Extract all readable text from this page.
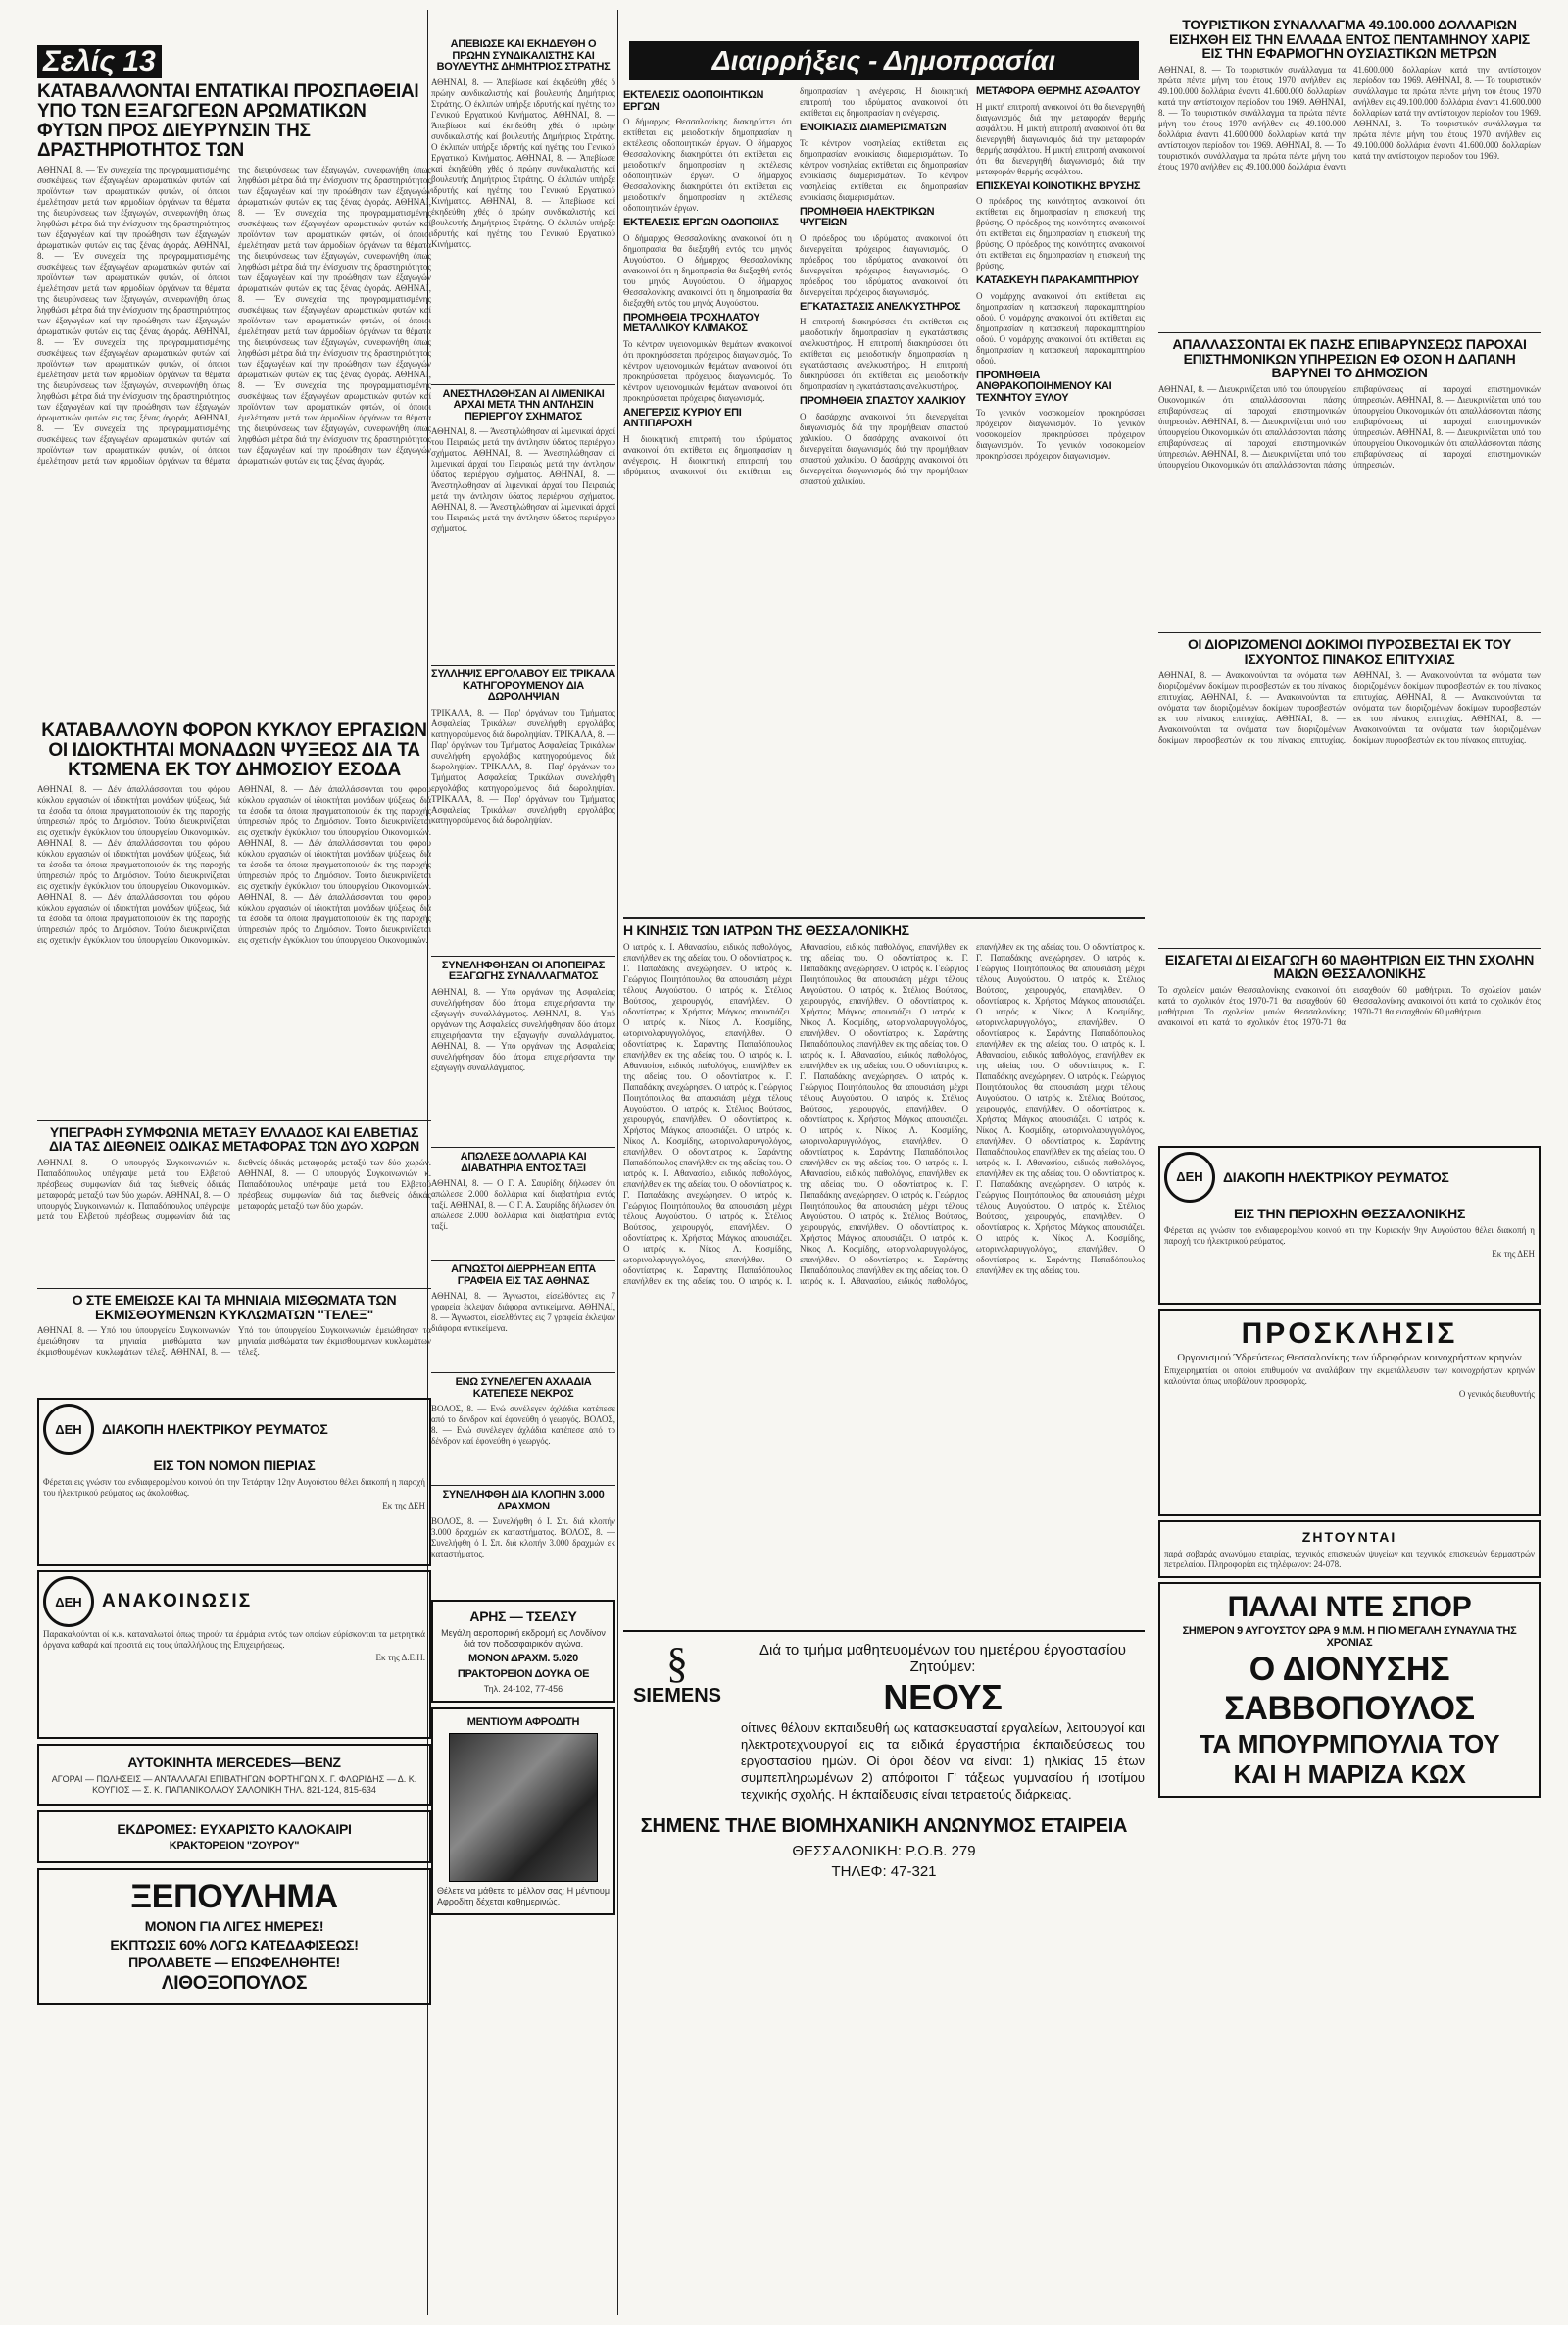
Σελίς 13
ΚΑΤΑΒΑΛΛΟΝΤΑΙ ΕΝΤΑΤΙΚΑΙ ΠΡΟΣΠΑΘΕΙΑΙ ΥΠΟ ΤΩΝ ΕΞΑΓΩΓΕΩΝ ΑΡΩΜΑΤΙΚΩΝ ΦΥΤΩΝ ΠΡΟΣ ΔΙΕΥΡΥΝΣΙΝ ΤΗΣ ΔΡΑΣΤΗΡΙΟΤΗΤΟΣ ΤΩΝ
ΑΘΗΝΑΙ, 8. — Έν συνεχεία της προγραμματισμένης συσκέψεως των έξαγωγέων αρωματικών φυτών καί προϊόντων των αρωματικών φυτών, οί όποιοι έμελέτησαν μετά των άρμοδίων όργάνων τα θέματα της διευρύνσεως των έξαγωγών, συνεφωνήθη όπως ληφθώσι μέτρα διά την ένίσχυσιν της δραστηριότητος των έξαγωγέων καί την προώθησιν των έξαγωγών άρωματικών φυτών εις τας ξένας άγοράς. ΑΘΗΝΑΙ, 8. — Έν συνεχεία της προγραμματισμένης συσκέψεως των έξαγωγέων αρωματικών φυτών καί προϊόντων των αρωματικών φυτών, οί όποιοι έμελέτησαν μετά των άρμοδίων όργάνων τα θέματα της διευρύνσεως των έξαγωγών, συνεφωνήθη όπως ληφθώσι μέτρα διά την ένίσχυσιν της δραστηριότητος των έξαγωγέων καί την προώθησιν των έξαγωγών άρωματικών φυτών εις τας ξένας άγοράς. ΑΘΗΝΑΙ, 8. — Έν συνεχεία της προγραμματισμένης συσκέψεως των έξαγωγέων αρωματικών φυτών καί προϊόντων των αρωματικών φυτών, οί όποιοι έμελέτησαν μετά των άρμοδίων όργάνων τα θέματα της διευρύνσεως των έξαγωγών, συνεφωνήθη όπως ληφθώσι μέτρα διά την ένίσχυσιν της δραστηριότητος των έξαγωγέων καί την προώθησιν των έξαγωγών άρωματικών φυτών εις τας ξένας άγοράς. ΑΘΗΝΑΙ, 8. — Έν συνεχεία της προγραμματισμένης συσκέψεως των έξαγωγέων αρωματικών φυτών καί προϊόντων των αρωματικών φυτών, οί όποιοι έμελέτησαν μετά των άρμοδίων όργάνων τα θέματα της διευρύνσεως των έξαγωγών, συνεφωνήθη όπως ληφθώσι μέτρα διά την ένίσχυσιν της δραστηριότητος των έξαγωγέων καί την προώθησιν των έξαγωγών άρωματικών φυτών εις τας ξένας άγοράς. ΑΘΗΝΑΙ, 8. — Έν συνεχεία της προγραμματισμένης συσκέψεως των έξαγωγέων αρωματικών φυτών καί προϊόντων των αρωματικών φυτών, οί όποιοι έμελέτησαν μετά των άρμοδίων όργάνων τα θέματα της διευρύνσεως των έξαγωγών, συνεφωνήθη όπως ληφθώσι μέτρα διά την ένίσχυσιν της δραστηριότητος των έξαγωγέων καί την προώθησιν των έξαγωγών άρωματικών φυτών εις τας ξένας άγοράς. ΑΘΗΝΑΙ, 8. — Έν συνεχεία της προγραμματισμένης συσκέψεως των έξαγωγέων αρωματικών φυτών καί προϊόντων των αρωματικών φυτών, οί όποιοι έμελέτησαν μετά των άρμοδίων όργάνων τα θέματα της διευρύνσεως των έξαγωγών, συνεφωνήθη όπως ληφθώσι μέτρα διά την ένίσχυσιν της δραστηριότητος των έξαγωγέων καί την προώθησιν των έξαγωγών άρωματικών φυτών εις τας ξένας άγοράς. ΑΘΗΝΑΙ, 8. — Έν συνεχεία της προγραμματισμένης συσκέψεως των έξαγωγέων αρωματικών φυτών καί προϊόντων των αρωματικών φυτών, οί όποιοι έμελέτησαν μετά των άρμοδίων όργάνων τα θέματα της διευρύνσεως των έξαγωγών, συνεφωνήθη όπως ληφθώσι μέτρα διά την ένίσχυσιν της δραστηριότητος των έξαγωγέων καί την προώθησιν των έξαγωγών άρωματικών φυτών εις τας ξένας άγοράς.
ΚΑΤΑΒΑΛΛΟΥΝ ΦΟΡΟΝ ΚΥΚΛΟΥ ΕΡΓΑΣΙΩΝ ΟΙ ΙΔΙΟΚΤΗΤΑΙ ΜΟΝΑΔΩΝ ΨΥΞΕΩΣ ΔΙΑ ΤΑ ΚΤΩΜΕΝΑ ΕΚ ΤΟΥ ΔΗΜΟΣΙΟΥ ΕΣΟΔΑ
ΑΘΗΝΑΙ, 8. — Δέν άπαλλάσσονται του φόρου κύκλου εργασιών οί ιδιοκτήται μονάδων ψύξεως, διά τα έσοδα τα όποια πραγματοποιούν έκ της παροχής ύπηρεσιών πρός το Δημόσιον. Τούτο διευκρινίζεται εις σχετικήν έγκύκλιον του ύπουργείου Οικονομικών. ΑΘΗΝΑΙ, 8. — Δέν άπαλλάσσονται του φόρου κύκλου εργασιών οί ιδιοκτήται μονάδων ψύξεως, διά τα έσοδα τα όποια πραγματοποιούν έκ της παροχής ύπηρεσιών πρός το Δημόσιον. Τούτο διευκρινίζεται εις σχετικήν έγκύκλιον του ύπουργείου Οικονομικών. ΑΘΗΝΑΙ, 8. — Δέν άπαλλάσσονται του φόρου κύκλου εργασιών οί ιδιοκτήται μονάδων ψύξεως, διά τα έσοδα τα όποια πραγματοποιούν έκ της παροχής ύπηρεσιών πρός το Δημόσιον. Τούτο διευκρινίζεται εις σχετικήν έγκύκλιον του ύπουργείου Οικονομικών. ΑΘΗΝΑΙ, 8. — Δέν άπαλλάσσονται του φόρου κύκλου εργασιών οί ιδιοκτήται μονάδων ψύξεως, διά τα έσοδα τα όποια πραγματοποιούν έκ της παροχής ύπηρεσιών πρός το Δημόσιον. Τούτο διευκρινίζεται εις σχετικήν έγκύκλιον του ύπουργείου Οικονομικών. ΑΘΗΝΑΙ, 8. — Δέν άπαλλάσσονται του φόρου κύκλου εργασιών οί ιδιοκτήται μονάδων ψύξεως, διά τα έσοδα τα όποια πραγματοποιούν έκ της παροχής ύπηρεσιών πρός το Δημόσιον. Τούτο διευκρινίζεται εις σχετικήν έγκύκλιον του ύπουργείου Οικονομικών. ΑΘΗΝΑΙ, 8. — Δέν άπαλλάσσονται του φόρου κύκλου εργασιών οί ιδιοκτήται μονάδων ψύξεως, διά τα έσοδα τα όποια πραγματοποιούν έκ της παροχής ύπηρεσιών πρός το Δημόσιον. Τούτο διευκρινίζεται εις σχετικήν έγκύκλιον του ύπουργείου Οικονομικών.
ΥΠΕΓΡΑΦΗ ΣΥΜΦΩΝΙΑ ΜΕΤΑΞΥ ΕΛΛΑΔΟΣ ΚΑΙ ΕΛΒΕΤΙΑΣ ΔΙΑ ΤΑΣ ΔΙΕΘΝΕΙΣ ΟΔΙΚΑΣ ΜΕΤΑΦΟΡΑΣ ΤΩΝ ΔΥΟ ΧΩΡΩΝ
ΑΘΗΝΑΙ, 8. — Ο υπουργός Συγκοινωνιών κ. Παπαδόπουλος υπέγραψε μετά του Ελβετού πρέσβεως συμφωνίαν διά τας διεθνείς όδικάς μεταφοράς μεταξύ των δύο χωρών. ΑΘΗΝΑΙ, 8. — Ο υπουργός Συγκοινωνιών κ. Παπαδόπουλος υπέγραψε μετά του Ελβετού πρέσβεως συμφωνίαν διά τας διεθνείς όδικάς μεταφοράς μεταξύ των δύο χωρών. ΑΘΗΝΑΙ, 8. — Ο υπουργός Συγκοινωνιών κ. Παπαδόπουλος υπέγραψε μετά του Ελβετού πρέσβεως συμφωνίαν διά τας διεθνείς όδικάς μεταφοράς μεταξύ των δύο χωρών.
Ο ΣΤΕ ΕΜΕΙΩΣΕ ΚΑΙ ΤΑ ΜΗΝΙΑΙΑ ΜΙΣΘΩΜΑΤΑ ΤΩΝ ΕΚΜΙΣΘΟΥΜΕΝΩΝ ΚΥΚΛΩΜΑΤΩΝ "ΤΕΛΕΞ"
ΑΘΗΝΑΙ, 8. — Υπό του ύπουργείου Συγκοινωνιών έμειώθησαν τα μηνιαία μισθώματα των έκμισθουμένων κυκλωμάτων τέλεξ. ΑΘΗΝΑΙ, 8. — Υπό του ύπουργείου Συγκοινωνιών έμειώθησαν τα μηνιαία μισθώματα των έκμισθουμένων κυκλωμάτων τέλεξ.
ΔΕΗ	ΔΙΑΚΟΠΗ ΗΛΕΚΤΡΙΚΟΥ ΡΕΥΜΑΤΟΣ
ΕΙΣ ΤΟΝ ΝΟΜΟΝ ΠΙΕΡΙΑΣ
Φέρεται εις γνώσιν του ενδιαφερομένου κοινού ότι την Τετάρτην 12ην Αυγούστου θέλει διακοπή η παροχή του ήλεκτρικού ρεύματος ως άκολούθως.
Εκ της ΔΕΗ
ΔΕΗ	ΑΝΑΚΟΙΝΩΣΙΣ
Παρακαλούνται οί κ.κ. καταναλωταί όπως τηρούν τα έρμάρια εντός των οποίων εύρίσκονται τα μετρητικά όργανα καθαρά καί προσιτά εις τους ύπαλλήλους της Επιχειρήσεως.
Εκ της Δ.Ε.Η.
ΑΥΤΟΚΙΝΗΤΑ MERCEDES—BENZ
ΑΓΟΡΑΙ — ΠΩΛΗΣΕΙΣ — ΑΝΤΑΛΛΑΓΑΙ ΕΠΙΒΑΤΗΓΩΝ ΦΟΡΤΗΓΩΝ Χ. Γ. ΦΛΩΡΙΔΗΣ — Δ. Κ. ΚΟΥΓΙΟΣ — Σ. Κ. ΠΑΠΑΝΙΚΟΛΑΟΥ ΣΑΛΟΝΙΚΗ ΤΗΛ. 821-124, 815-634
ΕΚΔΡΟΜΕΣ: ΕΥΧΑΡΙΣΤΟ ΚΑΛΟΚΑΙΡΙ
ΚΡΑΚΤΟΡΕΙΟΝ "ΖΟΥΡΟΥ"
ΞΕΠΟΥΛΗΜΑ
ΜΟΝΟΝ ΓΙΑ ΛΙΓΕΣ ΗΜΕΡΕΣ!
ΕΚΠΤΩΣΙΣ 60% ΛΟΓΩ ΚΑΤΕΔΑΦΙΣΕΩΣ!
ΠΡΟΛΑΒΕΤΕ — ΕΠΩΦΕΛΗΘΗΤΕ!
ΛΙΘΟΞΟΠΟΥΛΟΣ
ΑΠΕΒΙΩΣΕ ΚΑΙ ΕΚΗΔΕΥΘΗ Ο ΠΡΩΗΝ ΣΥΝΔΙΚΑΛΙΣΤΗΣ ΚΑΙ ΒΟΥΛΕΥΤΗΣ ΔΗΜΗΤΡΙΟΣ ΣΤΡΑΤΗΣ
ΑΘΗΝΑΙ, 8. — Άπεβίωσε καί έκηδεύθη χθές ό πρώην συνδικαλιστής καί βουλευτής Δημήτριος Στράτης. Ο έκλιπών υπήρξε ιδρυτής καί ηγέτης του Γενικού Εργατικού Κινήματος. ΑΘΗΝΑΙ, 8. — Άπεβίωσε καί έκηδεύθη χθές ό πρώην συνδικαλιστής καί βουλευτής Δημήτριος Στράτης. Ο έκλιπών υπήρξε ιδρυτής καί ηγέτης του Γενικού Εργατικού Κινήματος. ΑΘΗΝΑΙ, 8. — Άπεβίωσε καί έκηδεύθη χθές ό πρώην συνδικαλιστής καί βουλευτής Δημήτριος Στράτης. Ο έκλιπών υπήρξε ιδρυτής καί ηγέτης του Γενικού Εργατικού Κινήματος. ΑΘΗΝΑΙ, 8. — Άπεβίωσε καί έκηδεύθη χθές ό πρώην συνδικαλιστής καί βουλευτής Δημήτριος Στράτης. Ο έκλιπών υπήρξε ιδρυτής καί ηγέτης του Γενικού Εργατικού Κινήματος.
ΑΝΕΣΤΗΛΩΘΗΣΑΝ ΑΙ ΛΙΜΕΝΙΚΑΙ ΑΡΧΑΙ ΜΕΤΑ ΤΗΝ ΑΝΤΛΗΣΙΝ ΠΕΡΙΕΡΓΟΥ ΣΧΗΜΑΤΟΣ
ΑΘΗΝΑΙ, 8. — Άνεστηλώθησαν αί λιμενικαί άρχαί του Πειραιώς μετά την άντλησιν ύδατος περιέργου σχήματος. ΑΘΗΝΑΙ, 8. — Άνεστηλώθησαν αί λιμενικαί άρχαί του Πειραιώς μετά την άντλησιν ύδατος περιέργου σχήματος. ΑΘΗΝΑΙ, 8. — Άνεστηλώθησαν αί λιμενικαί άρχαί του Πειραιώς μετά την άντλησιν ύδατος περιέργου σχήματος. ΑΘΗΝΑΙ, 8. — Άνεστηλώθησαν αί λιμενικαί άρχαί του Πειραιώς μετά την άντλησιν ύδατος περιέργου σχήματος.
ΣΥΛΛΗΨΙΣ ΕΡΓΟΛΑΒΟΥ ΕΙΣ ΤΡΙΚΑΛΑ ΚΑΤΗΓΟΡΟΥΜΕΝΟΥ ΔΙΑ ΔΩΡΟΛΗΨΙΑΝ
ΤΡΙΚΑΛΑ, 8. — Παρ' όργάνων του Τμήματος Ασφαλείας Τρικάλων συνελήφθη εργολάβος κατηγορούμενος διά δωροληψίαν. ΤΡΙΚΑΛΑ, 8. — Παρ' όργάνων του Τμήματος Ασφαλείας Τρικάλων συνελήφθη εργολάβος κατηγορούμενος διά δωροληψίαν. ΤΡΙΚΑΛΑ, 8. — Παρ' όργάνων του Τμήματος Ασφαλείας Τρικάλων συνελήφθη εργολάβος κατηγορούμενος διά δωροληψίαν. ΤΡΙΚΑΛΑ, 8. — Παρ' όργάνων του Τμήματος Ασφαλείας Τρικάλων συνελήφθη εργολάβος κατηγορούμενος διά δωροληψίαν.
ΣΥΝΕΛΗΦΘΗΣΑΝ ΟΙ ΑΠΟΠΕΙΡΑΣ ΕΞΑΓΩΓΗΣ ΣΥΝΑΛΛΑΓΜΑΤΟΣ
ΑΘΗΝΑΙ, 8. — Υπό οργάνων της Ασφαλείας συνελήφθησαν δύο άτομα επιχειρήσαντα την εξαγωγήν συναλλάγματος. ΑΘΗΝΑΙ, 8. — Υπό οργάνων της Ασφαλείας συνελήφθησαν δύο άτομα επιχειρήσαντα την εξαγωγήν συναλλάγματος. ΑΘΗΝΑΙ, 8. — Υπό οργάνων της Ασφαλείας συνελήφθησαν δύο άτομα επιχειρήσαντα την εξαγωγήν συναλλάγματος.
ΑΠΩΛΕΣΕ ΔΟΛΛΑΡΙΑ ΚΑΙ ΔΙΑΒΑΤΗΡΙΑ ΕΝΤΟΣ ΤΑΞΙ
ΑΘΗΝΑΙ, 8. — Ο Γ. Α. Σαυρίδης δήλωσεν ότι απώλεσε 2.000 δολλάρια καί διαβατήρια εντός ταξί. ΑΘΗΝΑΙ, 8. — Ο Γ. Α. Σαυρίδης δήλωσεν ότι απώλεσε 2.000 δολλάρια καί διαβατήρια εντός ταξί.
ΑΓΝΩΣΤΟΙ ΔΙΕΡΡΗΞΑΝ ΕΠΤΑ ΓΡΑΦΕΙΑ ΕΙΣ ΤΑΣ ΑΘΗΝΑΣ
ΑΘΗΝΑΙ, 8. — Άγνωστοι, είσελθόντες εις 7 γραφεία έκλεψαν διάφορα αντικείμενα. ΑΘΗΝΑΙ, 8. — Άγνωστοι, είσελθόντες εις 7 γραφεία έκλεψαν διάφορα αντικείμενα.
ΕΝΩ ΣΥΝΕΛΕΓΕΝ ΑΧΛΑΔΙΑ ΚΑΤΕΠΕΣΕ ΝΕΚΡΟΣ
ΒΟΛΟΣ, 8. — Ενώ συνέλεγεν άχλάδια κατέπεσε από το δένδρον καί έφονεύθη ό γεωργός. ΒΟΛΟΣ, 8. — Ενώ συνέλεγεν άχλάδια κατέπεσε από το δένδρον καί έφονεύθη ό γεωργός.
ΣΥΝΕΛΗΦΘΗ ΔΙΑ ΚΛΟΠΗΝ 3.000 ΔΡΑΧΜΩΝ
ΒΟΛΟΣ, 8. — Συνελήφθη ό Ι. Σπ. διά κλοπήν 3.000 δραχμών εκ καταστήματος. ΒΟΛΟΣ, 8. — Συνελήφθη ό Ι. Σπ. διά κλοπήν 3.000 δραχμών εκ καταστήματος.
ΑΡΗΣ — ΤΣΕΛΣΥ
Μεγάλη αεροπορική εκδρομή εις Λονδίνον διά τον ποδοσφαιρικόν αγώνα.
ΜΟΝΟΝ ΔΡΑΧΜ. 5.020
ΠΡΑΚΤΟΡΕΙΟΝ ΔΟΥΚΑ ΟΕ
Τηλ. 24-102, 77-456
ΜΕΝΤΙΟΥΜ ΑΦΡΟΔΙΤΗ
Θέλετε να μάθετε το μέλλον σας; Η μέντιουμ Αφροδίτη δέχεται καθημερινώς.
Διαιρρήξεις - Δημοπρασίαι
ΕΚΤΕΛΕΣΙΣ ΟΔΟΠΟΙΗΤΙΚΩΝ ΕΡΓΩΝ
Ο δήμαρχος Θεσσαλονίκης διακηρύττει ότι εκτίθεται εις μειοδοτικήν δημοπρασίαν η εκτέλεσις οδοποιητικών έργων. Ο δήμαρχος Θεσσαλονίκης διακηρύττει ότι εκτίθεται εις μειοδοτικήν δημοπρασίαν η εκτέλεσις οδοποιητικών έργων. Ο δήμαρχος Θεσσαλονίκης διακηρύττει ότι εκτίθεται εις μειοδοτικήν δημοπρασίαν η εκτέλεσις οδοποιητικών έργων.
ΕΚΤΕΛΕΣΙΣ ΕΡΓΩΝ ΟΔΟΠΟΙΙΑΣ
Ο δήμαρχος Θεσσαλονίκης ανακοινοί ότι η δημοπρασία θα διεξαχθή εντός του μηνός Αυγούστου. Ο δήμαρχος Θεσσαλονίκης ανακοινοί ότι η δημοπρασία θα διεξαχθή εντός του μηνός Αυγούστου. Ο δήμαρχος Θεσσαλονίκης ανακοινοί ότι η δημοπρασία θα διεξαχθή εντός του μηνός Αυγούστου.
ΠΡΟΜΗΘΕΙΑ ΤΡΟΧΗΛΑΤΟΥ ΜΕΤΑΛΛΙΚΟΥ ΚΛΙΜΑΚΟΣ
Το κέντρον υγειονομικών θεμάτων ανακοινοί ότι προκηρύσσεται πρόχειρος διαγωνισμός. Το κέντρον υγειονομικών θεμάτων ανακοινοί ότι προκηρύσσεται πρόχειρος διαγωνισμός. Το κέντρον υγειονομικών θεμάτων ανακοινοί ότι προκηρύσσεται πρόχειρος διαγωνισμός.
ΑΝΕΓΕΡΣΙΣ ΚΥΡΙΟΥ ΕΠΙ ΑΝΤΙΠΑΡΟΧΗ
Η διοικητική επιτροπή του ιδρύματος ανακοινοί ότι εκτίθεται εις δημοπρασίαν η ανέγερσις. Η διοικητική επιτροπή του ιδρύματος ανακοινοί ότι εκτίθεται εις δημοπρασίαν η ανέγερσις. Η διοικητική επιτροπή του ιδρύματος ανακοινοί ότι εκτίθεται εις δημοπρασίαν η ανέγερσις.
ΕΝΟΙΚΙΑΣΙΣ ΔΙΑΜΕΡΙΣΜΑΤΩΝ
Το κέντρον νοσηλείας εκτίθεται εις δημοπρασίαν ενοικίασις διαμερισμάτων. Το κέντρον νοσηλείας εκτίθεται εις δημοπρασίαν ενοικίασις διαμερισμάτων. Το κέντρον νοσηλείας εκτίθεται εις δημοπρασίαν ενοικίασις διαμερισμάτων.
ΠΡΟΜΗΘΕΙΑ ΗΛΕΚΤΡΙΚΩΝ ΨΥΓΕΙΩΝ
Ο πρόεδρος του ιδρύματος ανακοινοί ότι διενεργείται πρόχειρος διαγωνισμός. Ο πρόεδρος του ιδρύματος ανακοινοί ότι διενεργείται πρόχειρος διαγωνισμός. Ο πρόεδρος του ιδρύματος ανακοινοί ότι διενεργείται πρόχειρος διαγωνισμός.
ΕΓΚΑΤΑΣΤΑΣΙΣ ΑΝΕΛΚΥΣΤΗΡΟΣ
Η επιτροπή διακηρύσσει ότι εκτίθεται εις μειοδοτικήν δημοπρασίαν η εγκατάστασις ανελκυστήρος. Η επιτροπή διακηρύσσει ότι εκτίθεται εις μειοδοτικήν δημοπρασίαν η εγκατάστασις ανελκυστήρος. Η επιτροπή διακηρύσσει ότι εκτίθεται εις μειοδοτικήν δημοπρασίαν η εγκατάστασις ανελκυστήρος.
ΠΡΟΜΗΘΕΙΑ ΣΠΑΣΤΟΥ ΧΑΛΙΚΙΟΥ
Ο δασάρχης ανακοινοί ότι διενεργείται διαγωνισμός διά την προμήθειαν σπαστού χαλικίου. Ο δασάρχης ανακοινοί ότι διενεργείται διαγωνισμός διά την προμήθειαν σπαστού χαλικίου. Ο δασάρχης ανακοινοί ότι διενεργείται διαγωνισμός διά την προμήθειαν σπαστού χαλικίου.
ΜΕΤΑΦΟΡΑ ΘΕΡΜΗΣ ΑΣΦΑΛΤΟΥ
Η μικτή επιτροπή ανακοινοί ότι θα διενεργηθή διαγωνισμός διά την μεταφοράν θερμής ασφάλτου. Η μικτή επιτροπή ανακοινοί ότι θα διενεργηθή διαγωνισμός διά την μεταφοράν θερμής ασφάλτου. Η μικτή επιτροπή ανακοινοί ότι θα διενεργηθή διαγωνισμός διά την μεταφοράν θερμής ασφάλτου.
ΕΠΙΣΚΕΥΑΙ ΚΟΙΝΟΤΙΚΗΣ ΒΡΥΣΗΣ
Ο πρόεδρος της κοινότητος ανακοινοί ότι εκτίθεται εις δημοπρασίαν η επισκευή της βρύσης. Ο πρόεδρος της κοινότητος ανακοινοί ότι εκτίθεται εις δημοπρασίαν η επισκευή της βρύσης. Ο πρόεδρος της κοινότητος ανακοινοί ότι εκτίθεται εις δημοπρασίαν η επισκευή της βρύσης.
ΚΑΤΑΣΚΕΥΗ ΠΑΡΑΚΑΜΠΤΗΡΙΟΥ
Ο νομάρχης ανακοινοί ότι εκτίθεται εις δημοπρασίαν η κατασκευή παρακαμπτηρίου οδού. Ο νομάρχης ανακοινοί ότι εκτίθεται εις δημοπρασίαν η κατασκευή παρακαμπτηρίου οδού. Ο νομάρχης ανακοινοί ότι εκτίθεται εις δημοπρασίαν η κατασκευή παρακαμπτηρίου οδού.
ΠΡΟΜΗΘΕΙΑ ΑΝΘΡΑΚΟΠΟΙΗΜΕΝΟΥ ΚΑΙ ΤΕΧΝΗΤΟΥ ΞΥΛΟΥ
Το γενικόν νοσοκομείον προκηρύσσει πρόχειρον διαγωνισμόν. Το γενικόν νοσοκομείον προκηρύσσει πρόχειρον διαγωνισμόν. Το γενικόν νοσοκομείον προκηρύσσει πρόχειρον διαγωνισμόν.
Η ΚΙΝΗΣΙΣ ΤΩΝ ΙΑΤΡΩΝ ΤΗΣ ΘΕΣΣΑΛΟΝΙΚΗΣ
Ο ιατρός κ. Ι. Αθανασίου, ειδικός παθολόγος, επανήλθεν εκ της αδείας του. Ο οδοντίατρος κ. Γ. Παπαδάκης ανεχώρησεν. Ο ιατρός κ. Γεώργιος Ποιητόπουλος θα απουσιάση μέχρι τέλους Αυγούστου. Ο ιατρός κ. Στέλιος Βούτσος, χειρουργός, επανήλθεν. Ο οδοντίατρος κ. Χρήστος Μάγκος απουσιάζει. Ο ιατρός κ. Νίκος Λ. Κοσμίδης, ωτορινολαρυγγολόγος, επανήλθεν. Ο οδοντίατρος κ. Σαράντης Παπαδόπουλος επανήλθεν εκ της αδείας του. Ο ιατρός κ. Ι. Αθανασίου, ειδικός παθολόγος, επανήλθεν εκ της αδείας του. Ο οδοντίατρος κ. Γ. Παπαδάκης ανεχώρησεν. Ο ιατρός κ. Γεώργιος Ποιητόπουλος θα απουσιάση μέχρι τέλους Αυγούστου. Ο ιατρός κ. Στέλιος Βούτσος, χειρουργός, επανήλθεν. Ο οδοντίατρος κ. Χρήστος Μάγκος απουσιάζει. Ο ιατρός κ. Νίκος Λ. Κοσμίδης, ωτορινολαρυγγολόγος, επανήλθεν. Ο οδοντίατρος κ. Σαράντης Παπαδόπουλος επανήλθεν εκ της αδείας του. Ο ιατρός κ. Ι. Αθανασίου, ειδικός παθολόγος, επανήλθεν εκ της αδείας του. Ο οδοντίατρος κ. Γ. Παπαδάκης ανεχώρησεν. Ο ιατρός κ. Γεώργιος Ποιητόπουλος θα απουσιάση μέχρι τέλους Αυγούστου. Ο ιατρός κ. Στέλιος Βούτσος, χειρουργός, επανήλθεν. Ο οδοντίατρος κ. Χρήστος Μάγκος απουσιάζει. Ο ιατρός κ. Νίκος Λ. Κοσμίδης, ωτορινολαρυγγολόγος, επανήλθεν. Ο οδοντίατρος κ. Σαράντης Παπαδόπουλος επανήλθεν εκ της αδείας του. Ο ιατρός κ. Ι. Αθανασίου, ειδικός παθολόγος, επανήλθεν εκ της αδείας του. Ο οδοντίατρος κ. Γ. Παπαδάκης ανεχώρησεν. Ο ιατρός κ. Γεώργιος Ποιητόπουλος θα απουσιάση μέχρι τέλους Αυγούστου. Ο ιατρός κ. Στέλιος Βούτσος, χειρουργός, επανήλθεν. Ο οδοντίατρος κ. Χρήστος Μάγκος απουσιάζει. Ο ιατρός κ. Νίκος Λ. Κοσμίδης, ωτορινολαρυγγολόγος, επανήλθεν. Ο οδοντίατρος κ. Σαράντης Παπαδόπουλος επανήλθεν εκ της αδείας του. Ο ιατρός κ. Ι. Αθανασίου, ειδικός παθολόγος, επανήλθεν εκ της αδείας του. Ο οδοντίατρος κ. Γ. Παπαδάκης ανεχώρησεν. Ο ιατρός κ. Γεώργιος Ποιητόπουλος θα απουσιάση μέχρι τέλους Αυγούστου. Ο ιατρός κ. Στέλιος Βούτσος, χειρουργός, επανήλθεν. Ο οδοντίατρος κ. Χρήστος Μάγκος απουσιάζει. Ο ιατρός κ. Νίκος Λ. Κοσμίδης, ωτορινολαρυγγολόγος, επανήλθεν. Ο οδοντίατρος κ. Σαράντης Παπαδόπουλος επανήλθεν εκ της αδείας του. Ο ιατρός κ. Ι. Αθανασίου, ειδικός παθολόγος, επανήλθεν εκ της αδείας του. Ο οδοντίατρος κ. Γ. Παπαδάκης ανεχώρησεν. Ο ιατρός κ. Γεώργιος Ποιητόπουλος θα απουσιάση μέχρι τέλους Αυγούστου. Ο ιατρός κ. Στέλιος Βούτσος, χειρουργός, επανήλθεν. Ο οδοντίατρος κ. Χρήστος Μάγκος απουσιάζει. Ο ιατρός κ. Νίκος Λ. Κοσμίδης, ωτορινολαρυγγολόγος, επανήλθεν. Ο οδοντίατρος κ. Σαράντης Παπαδόπουλος επανήλθεν εκ της αδείας του. Ο ιατρός κ. Ι. Αθανασίου, ειδικός παθολόγος, επανήλθεν εκ της αδείας του. Ο οδοντίατρος κ. Γ. Παπαδάκης ανεχώρησεν. Ο ιατρός κ. Γεώργιος Ποιητόπουλος θα απουσιάση μέχρι τέλους Αυγούστου. Ο ιατρός κ. Στέλιος Βούτσος, χειρουργός, επανήλθεν. Ο οδοντίατρος κ. Χρήστος Μάγκος απουσιάζει. Ο ιατρός κ. Νίκος Λ. Κοσμίδης, ωτορινολαρυγγολόγος, επανήλθεν. Ο οδοντίατρος κ. Σαράντης Παπαδόπουλος επανήλθεν εκ της αδείας του. Ο ιατρός κ. Ι. Αθανασίου, ειδικός παθολόγος, επανήλθεν εκ της αδείας του. Ο οδοντίατρος κ. Γ. Παπαδάκης ανεχώρησεν. Ο ιατρός κ. Γεώργιος Ποιητόπουλος θα απουσιάση μέχρι τέλους Αυγούστου. Ο ιατρός κ. Στέλιος Βούτσος, χειρουργός, επανήλθεν. Ο οδοντίατρος κ. Χρήστος Μάγκος απουσιάζει. Ο ιατρός κ. Νίκος Λ. Κοσμίδης, ωτορινολαρυγγολόγος, επανήλθεν. Ο οδοντίατρος κ. Σαράντης Παπαδόπουλος επανήλθεν εκ της αδείας του. Ο ιατρός κ. Ι. Αθανασίου, ειδικός παθολόγος, επανήλθεν εκ της αδείας του. Ο οδοντίατρος κ. Γ. Παπαδάκης ανεχώρησεν. Ο ιατρός κ. Γεώργιος Ποιητόπουλος θα απουσιάση μέχρι τέλους Αυγούστου. Ο ιατρός κ. Στέλιος Βούτσος, χειρουργός, επανήλθεν. Ο οδοντίατρος κ. Χρήστος Μάγκος απουσιάζει. Ο ιατρός κ. Νίκος Λ. Κοσμίδης, ωτορινολαρυγγολόγος, επανήλθεν. Ο οδοντίατρος κ. Σαράντης Παπαδόπουλος επανήλθεν εκ της αδείας του.
§
SIEMENS
Διά το τμήμα μαθητευομένων του ημετέρου έργοστασίου Ζητούμεν:
ΝΕΟΥΣ
οίτινες θέλουν εκπαιδευθή ως κατασκευασταί εργαλείων, λειτουργοί και ηλεκτροτεχνουργοί εις τα ειδικά έργαστήρια έκπαιδεύσεως του εργοστασίου ημών. Οί όροι δέον να είναι: 1) ηλικίας 15 έτων συμπεπληρωμένων 2) απόφοιτοι Γ' τάξεως γυμνασίου ή ισοτίμου τεχνικής σχολής. Η έκπαίδευσις είναι τετραετούς διάρκειας.
ΣΗΜΕΝΣ ΤΗΛΕ ΒΙΟΜΗΧΑΝΙΚΗ ΑΝΩΝΥΜΟΣ ΕΤΑΙΡΕΙΑ
ΘΕΣΣΑΛΟΝΙΚΗ: Ρ.Ο.Β. 279
ΤΗΛΕΦ: 47-321
ΤΟΥΡΙΣΤΙΚΟΝ ΣΥΝΑΛΛΑΓΜΑ 49.100.000 ΔΟΛΛΑΡΙΩΝ ΕΙΣΗΧΘΗ ΕΙΣ ΤΗΝ ΕΛΛΑΔΑ ΕΝΤΟΣ ΠΕΝΤΑΜΗΝΟΥ ΧΑΡΙΣ ΕΙΣ ΤΗΝ ΕΦΑΡΜΟΓΗΝ ΟΥΣΙΑΣΤΙΚΩΝ ΜΕΤΡΩΝ
ΑΘΗΝΑΙ, 8. — Το τουριστικόν συνάλλαγμα τα πρώτα πέντε μήνη του έτους 1970 ανήλθεν εις 49.100.000 δολλάρια έναντι 41.600.000 δολλαρίων κατά την αντίστοιχον περίοδον του 1969. ΑΘΗΝΑΙ, 8. — Το τουριστικόν συνάλλαγμα τα πρώτα πέντε μήνη του έτους 1970 ανήλθεν εις 49.100.000 δολλάρια έναντι 41.600.000 δολλαρίων κατά την αντίστοιχον περίοδον του 1969. ΑΘΗΝΑΙ, 8. — Το τουριστικόν συνάλλαγμα τα πρώτα πέντε μήνη του έτους 1970 ανήλθεν εις 49.100.000 δολλάρια έναντι 41.600.000 δολλαρίων κατά την αντίστοιχον περίοδον του 1969. ΑΘΗΝΑΙ, 8. — Το τουριστικόν συνάλλαγμα τα πρώτα πέντε μήνη του έτους 1970 ανήλθεν εις 49.100.000 δολλάρια έναντι 41.600.000 δολλαρίων κατά την αντίστοιχον περίοδον του 1969. ΑΘΗΝΑΙ, 8. — Το τουριστικόν συνάλλαγμα τα πρώτα πέντε μήνη του έτους 1970 ανήλθεν εις 49.100.000 δολλάρια έναντι 41.600.000 δολλαρίων κατά την αντίστοιχον περίοδον του 1969.
ΑΠΑΛΛΑΣΣΟΝΤΑΙ ΕΚ ΠΑΣΗΣ ΕΠΙΒΑΡΥΝΣΕΩΣ ΠΑΡΟΧΑΙ ΕΠΙΣΤΗΜΟΝΙΚΩΝ ΥΠΗΡΕΣΙΩΝ ΕΦ ΟΣΟΝ Η ΔΑΠΑΝΗ ΒΑΡΥΝΕΙ ΤΟ ΔΗΜΟΣΙΟΝ
ΑΘΗΝΑΙ, 8. — Διευκρινίζεται υπό του ύπουργείου Οικονομικών ότι απαλλάσσονται πάσης επιβαρύνσεως αί παροχαί επιστημονικών ύπηρεσιών. ΑΘΗΝΑΙ, 8. — Διευκρινίζεται υπό του ύπουργείου Οικονομικών ότι απαλλάσσονται πάσης επιβαρύνσεως αί παροχαί επιστημονικών ύπηρεσιών. ΑΘΗΝΑΙ, 8. — Διευκρινίζεται υπό του ύπουργείου Οικονομικών ότι απαλλάσσονται πάσης επιβαρύνσεως αί παροχαί επιστημονικών ύπηρεσιών. ΑΘΗΝΑΙ, 8. — Διευκρινίζεται υπό του ύπουργείου Οικονομικών ότι απαλλάσσονται πάσης επιβαρύνσεως αί παροχαί επιστημονικών ύπηρεσιών. ΑΘΗΝΑΙ, 8. — Διευκρινίζεται υπό του ύπουργείου Οικονομικών ότι απαλλάσσονται πάσης επιβαρύνσεως αί παροχαί επιστημονικών ύπηρεσιών.
ΟΙ ΔΙΟΡΙΖΟΜΕΝΟΙ ΔΟΚΙΜΟΙ ΠΥΡΟΣΒΕΣΤΑΙ ΕΚ ΤΟΥ ΙΣΧΥΟΝΤΟΣ ΠΙΝΑΚΟΣ ΕΠΙΤΥΧΙΑΣ
ΑΘΗΝΑΙ, 8. — Ανακοινούνται τα ονόματα των διοριζομένων δοκίμων πυροσβεστών εκ του πίνακος επιτυχίας. ΑΘΗΝΑΙ, 8. — Ανακοινούνται τα ονόματα των διοριζομένων δοκίμων πυροσβεστών εκ του πίνακος επιτυχίας. ΑΘΗΝΑΙ, 8. — Ανακοινούνται τα ονόματα των διοριζομένων δοκίμων πυροσβεστών εκ του πίνακος επιτυχίας. ΑΘΗΝΑΙ, 8. — Ανακοινούνται τα ονόματα των διοριζομένων δοκίμων πυροσβεστών εκ του πίνακος επιτυχίας. ΑΘΗΝΑΙ, 8. — Ανακοινούνται τα ονόματα των διοριζομένων δοκίμων πυροσβεστών εκ του πίνακος επιτυχίας. ΑΘΗΝΑΙ, 8. — Ανακοινούνται τα ονόματα των διοριζομένων δοκίμων πυροσβεστών εκ του πίνακος επιτυχίας.
ΕΙΣΑΓΕΤΑΙ ΔΙ ΕΙΣΑΓΩΓΗ 60 ΜΑΘΗΤΡΙΩΝ ΕΙΣ ΤΗΝ ΣΧΟΛΗΝ ΜΑΙΩΝ ΘΕΣΣΑΛΟΝΙΚΗΣ
Το σχολείον μαιών Θεσσαλονίκης ανακοινοί ότι κατά το σχολικόν έτος 1970-71 θα εισαχθούν 60 μαθήτριαι. Το σχολείον μαιών Θεσσαλονίκης ανακοινοί ότι κατά το σχολικόν έτος 1970-71 θα εισαχθούν 60 μαθήτριαι. Το σχολείον μαιών Θεσσαλονίκης ανακοινοί ότι κατά το σχολικόν έτος 1970-71 θα εισαχθούν 60 μαθήτριαι.
ΔΕΗ	ΔΙΑΚΟΠΗ ΗΛΕΚΤΡΙΚΟΥ ΡΕΥΜΑΤΟΣ
ΕΙΣ ΤΗΝ ΠΕΡΙΟΧΗΝ ΘΕΣΣΑΛΟΝΙΚΗΣ
Φέρεται εις γνώσιν του ενδιαφερομένου κοινού ότι την Κυριακήν 9ην Αυγούστου θέλει διακοπή η παροχή του ήλεκτρικού ρεύματος.
Εκ της ΔΕΗ
ΠΡΟΣΚΛΗΣΙΣ
Οργανισμού Ύδρεύσεως Θεσσαλονίκης των ύδροφόρων κοινοχρήστων κρηνών
Επιχειρηματίαι οι οποίοι επιθυμούν να αναλάβουν την εκμετάλλευσιν των κοινοχρήστων κρηνών καλούνται όπως υποβάλουν προσφοράς.
Ο γενικός διευθυντής
ΖΗΤΟΥΝΤΑΙ
παρά σοβαράς ανωνύμου εταιρίας, τεχνικός επισκευών ψυγείων και τεχνικός επισκευών θερμαστρών πετρελαίου. Πληροφορίαι εις τηλέφωνον: 24-078.
ΠΑΛΑΙ ΝΤΕ ΣΠΟΡ
ΣΗΜΕΡΟΝ 9 ΑΥΓΟΥΣΤΟΥ ΩΡΑ 9 Μ.Μ. Η ΠΙΟ ΜΕΓΑΛΗ ΣΥΝΑΥΛΙΑ ΤΗΣ ΧΡΟΝΙΑΣ
Ο ΔΙΟΝΥΣΗΣ
ΣΑΒΒΟΠΟΥΛΟΣ
ΤΑ ΜΠΟΥΡΜΠΟΥΛΙΑ ΤΟΥ
ΚΑΙ Η ΜΑΡΙΖΑ ΚΩΧ
